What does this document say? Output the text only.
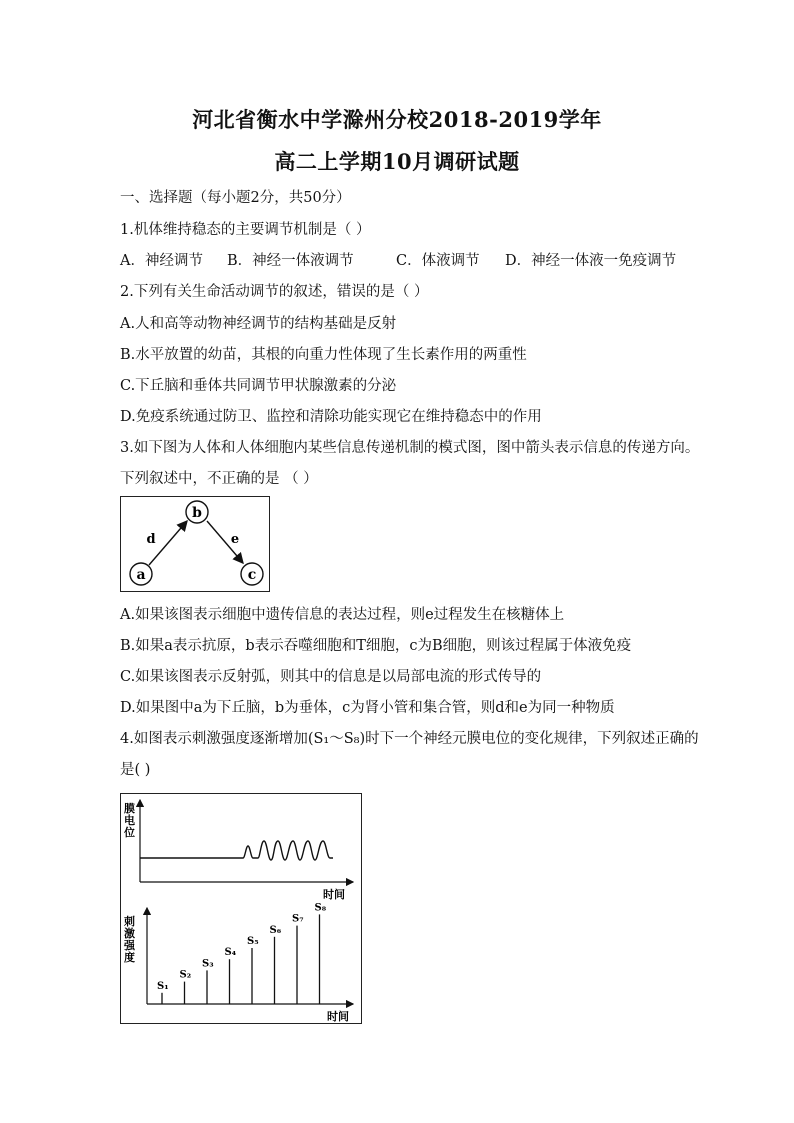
河北省衡水中学滁州分校2018-2019学年
高二上学期10月调研试题
一、选择题（每小题2分，共50分）
1.机体维持稳态的主要调节机制是（ ）
A．神经调节 B．神经一体液调节	C．体液调节 D．神经一体液一免疫调节
2.下列有关生命活动调节的叙述，错误的是（ ）
A.人和高等动物神经调节的结构基础是反射
B.水平放置的幼苗，其根的向重力性体现了生长素作用的两重性
C.下丘脑和垂体共同调节甲状腺激素的分泌
D.免疫系统通过防卫、监控和清除功能实现它在维持稳态中的作用
3.如下图为人体和人体细胞内某些信息传递机制的模式图，图中箭头表示信息的传递方向。
下列叙述中，不正确的是 （ ）
a
b
c
d	e
A.如果该图表示细胞中遗传信息的表达过程，则e过程发生在核糖体上
B.如果a表示抗原，b表示吞噬细胞和T细胞，c为B细胞，则该过程属于体液免疫
C.如果该图表示反射弧，则其中的信息是以局部电流的形式传导的
D.如果图中a为下丘脑，b为垂体，c为肾小管和集合管，则d和e为同一种物质
4.如图表示刺激强度逐渐增加(S₁～S₈)时下一个神经元膜电位的变化规律，下列叙述正确的
是( )
膜
电
位
时间
刺
激
强
度
S₁
S₂
S₃
S₄
S₅
S₆
S₇
S₈
时间
